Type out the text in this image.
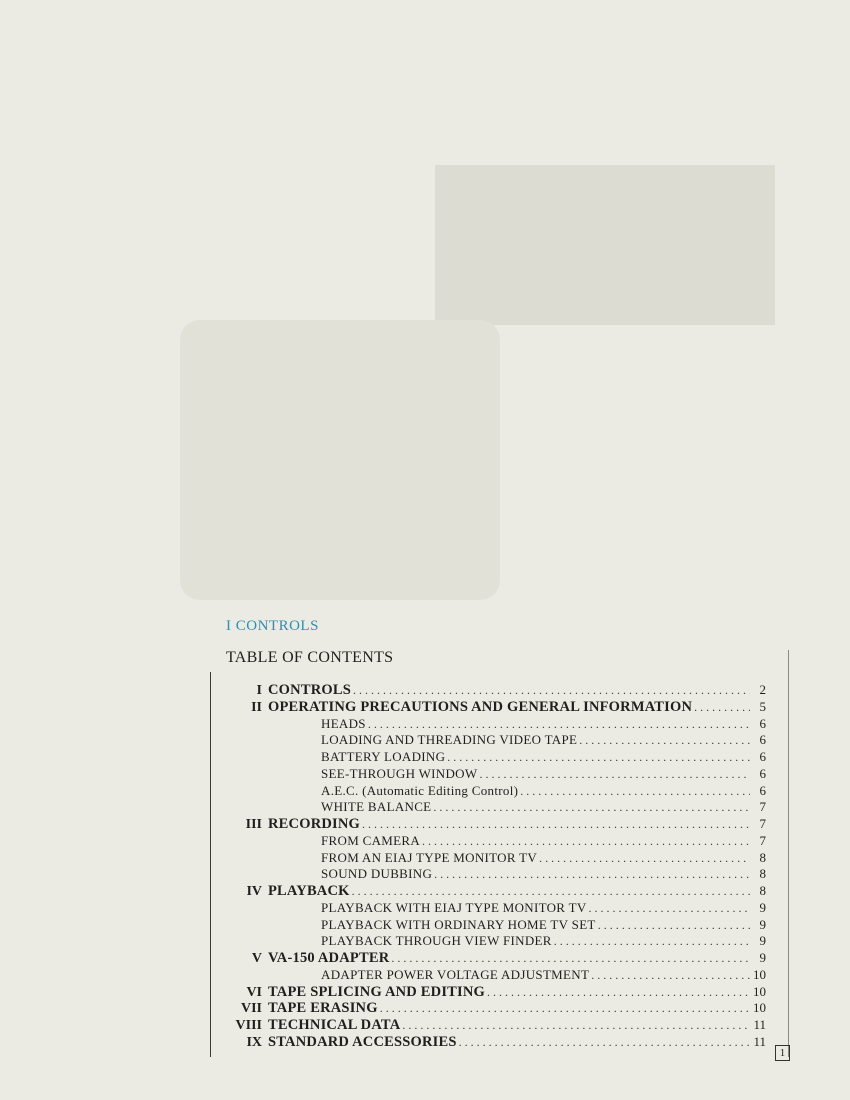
I CONTROLS
TABLE OF CONTENTS
I CONTROLS . . .	2
II OPERATING PRECAUTIONS AND GENERAL INFORMATION . . .	5
HEADS . . .	6
LOADING AND THREADING VIDEO TAPE . . .	6
BATTERY LOADING . . .	6
SEE-THROUGH WINDOW . . .	6
A.E.C. (Automatic Editing Control) . . .	6
WHITE BALANCE . . .	7
III RECORDING . . .	7
FROM CAMERA . . .	7
FROM AN EIAJ TYPE MONITOR TV . . .	8
SOUND DUBBING . . .	8
IV PLAYBACK . . .	8
PLAYBACK WITH EIAJ TYPE MONITOR TV . . .	9
PLAYBACK WITH ORDINARY HOME TV SET . . .	9
PLAYBACK THROUGH VIEW FINDER . . .	9
V VA-150 ADAPTER . . .	9
ADAPTER POWER VOLTAGE ADJUSTMENT . . .	10
VI TAPE SPLICING AND EDITING . . .	10
VII TAPE ERASING . . .	10
VIII TECHNICAL DATA . . .	11
IX STANDARD ACCESSORIES . . .	11
1
